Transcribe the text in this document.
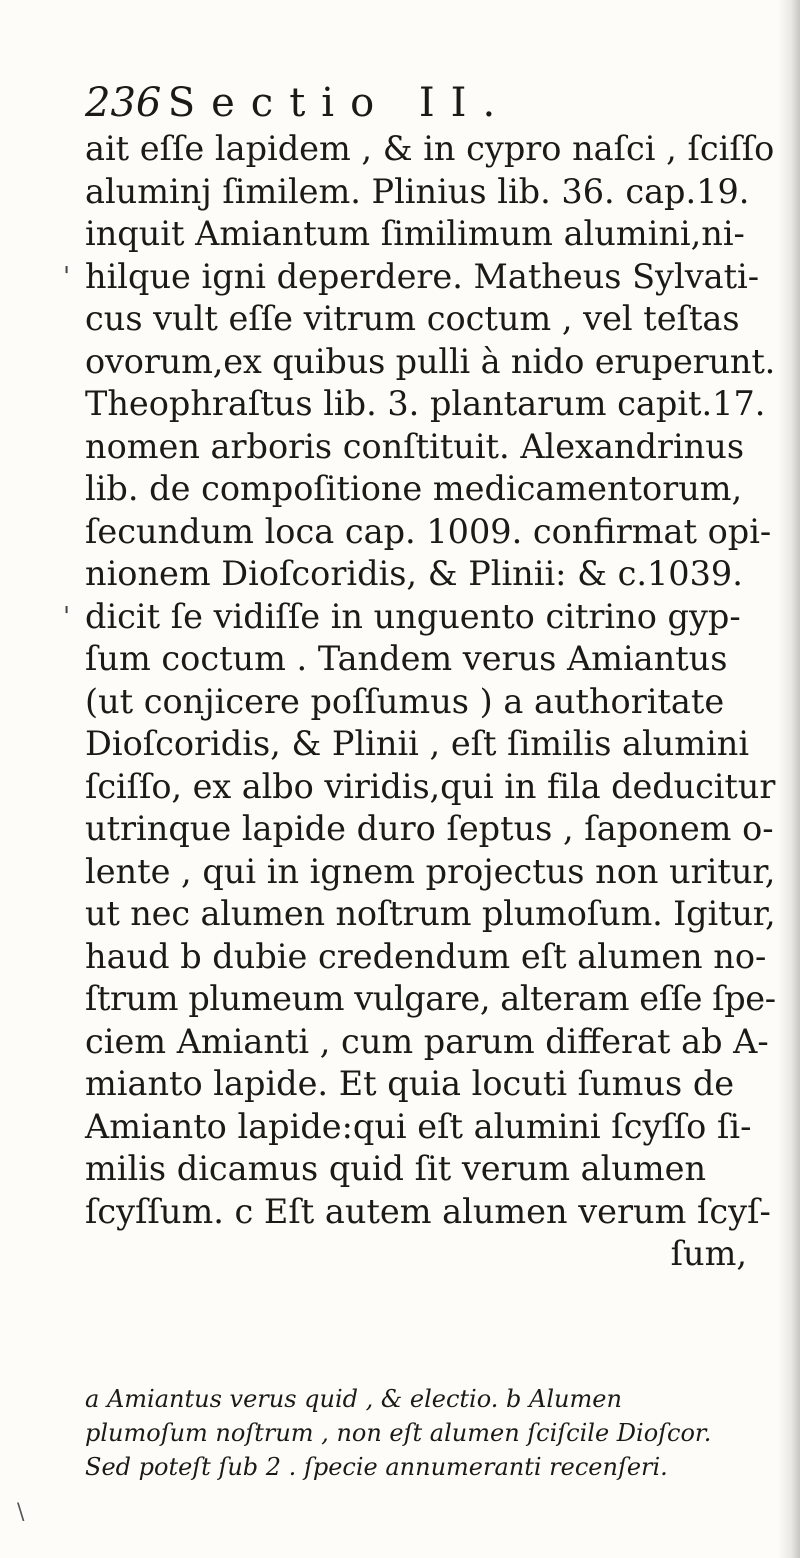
236 Sectio II.
'
'
ait eſſe lapidem , & in cypro naſci , ſciſſo
aluminj ſimilem. Plinius lib. 36. cap.19.
inquit Amiantum ſimilimum alumini,ni-
hilque igni deperdere. Matheus Sylvati-
cus vult eſſe vitrum coctum , vel teſtas
ovorum,ex quibus pulli à nido eruperunt.
Theophraſtus lib. 3. plantarum capit.17.
nomen arboris conſtituit. Alexandrinus
lib. de compoſitione medicamentorum,
ſecundum loca cap. 1009. confirmat opi-
nionem Dioſcoridis, & Plinii: & c.1039.
dicit ſe vidiſſe in unguento citrino gyp-
ſum coctum . Tandem verus Amiantus
(ut conjicere poſſumus ) a authoritate
Dioſcoridis, & Plinii , eſt ſimilis alumini
ſciſſo, ex albo viridis,qui in fila deducitur
utrinque lapide duro ſeptus , ſaponem o-
lente , qui in ignem projectus non uritur,
ut nec alumen noſtrum plumoſum. Igitur,
haud b dubie credendum eſt alumen no-
ſtrum plumeum vulgare, alteram eſſe ſpe-
ciem Amianti , cum parum differat ab A-
mianto lapide. Et quia locuti ſumus de
Amianto lapide:qui eſt alumini ſcyſſo ſi-
milis dicamus quid ſit verum alumen
ſcyſſum. c Eſt autem alumen verum ſcyſ-
ſum,
a Amiantus verus quid , & electio. b Alumen
plumoſum noſtrum , non eſt alumen ſciſcile Dioſcor.
Sed poteſt ſub 2 . ſpecie annumeranti recenſeri.
\
